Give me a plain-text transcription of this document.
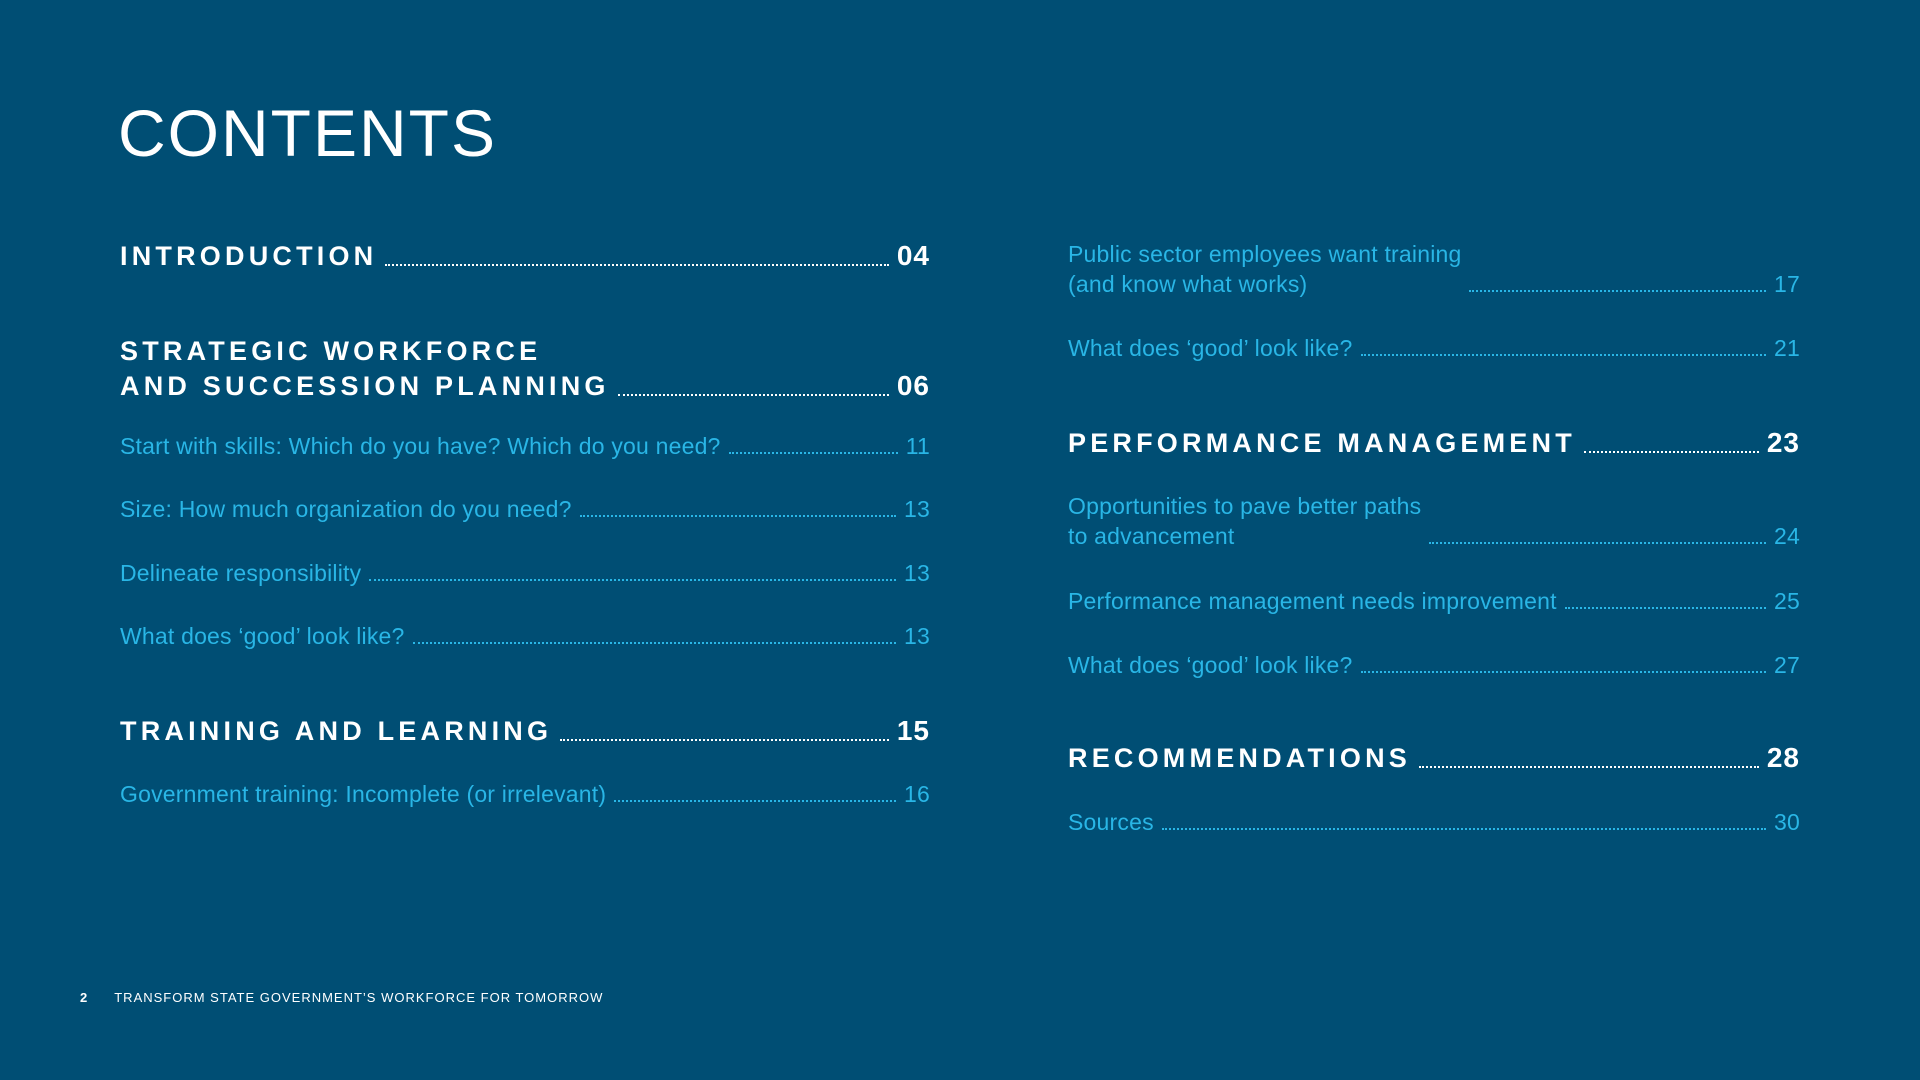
CONTENTS
INTRODUCTION	04
STRATEGIC WORKFORCE
AND SUCCESSION PLANNING	06
Start with skills: Which do you have? Which do you need?	11
Size: How much organization do you need?	13
Delineate responsibility	13
What does ‘good’ look like?	13
TRAINING AND LEARNING	15
Government training: Incomplete (or irrelevant)	16
Public sector employees want training
(and know what works)	17
What does ‘good’ look like?	21
PERFORMANCE MANAGEMENT	23
Opportunities to pave better paths
to advancement	24
Performance management needs improvement	25
What does ‘good’ look like?	27
RECOMMENDATIONS	28
Sources	30
2 TRANSFORM STATE GOVERNMENT’S WORKFORCE FOR TOMORROW
